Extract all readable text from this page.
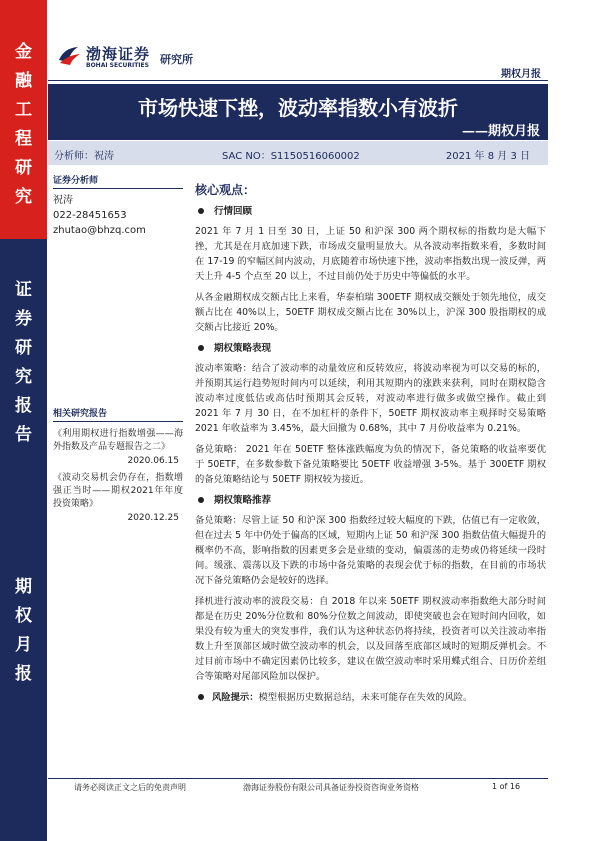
金
融
工
程
研
究
证
券
研
究
报
告
期
权
月
报
渤海证券
BOHAI SECURITIES 研究所
期权月报
市场快速下挫，波动率指数小有波折
——期权月报
分析师：祝涛	SAC NO：S1150516060002	2021 年 8 月 3 日
证券分析师
祝涛
022-28451653
zhutao@bhzq.com
相关研究报告
《利用期权进行指数增强——海外指数及产品专题报告之二》
2020.06.15
《波动交易机会仍存在，指数增强正当时——期权2021年年度投资策略》
2020.12.25
核心观点：
行情回顾

2021 年 7 月 1 日至 30 日，上证 50 和沪深 300 两个期权标的指数均是大幅下挫，尤其是在月底加速下跌，市场成交量明显放大。从各波动率指数来看，多数时间在 17-19 的窄幅区间内波动，月底随着市场快速下挫，波动率指数出现一波反弹，两天上升 4-5 个点至 20 以上，不过目前仍处于历史中等偏低的水平。

从各金融期权成交额占比上来看，华泰柏瑞 300ETF 期权成交额处于领先地位，成交额占比在 40%以上，50ETF 期权成交额占比在 30%以上，沪深 300 股指期权的成交额占比接近 20%。

期权策略表现

波动率策略：结合了波动率的动量效应和反转效应，将波动率视为可以交易的标的，并预期其运行趋势短时间内可以延续，利用其短期内的涨跌来获利，同时在期权隐含波动率过度低估或高估时预期其会反转，对波动率进行做多或做空操作。截止到 2021 年 7 月 30 日，在不加杠杆的条件下，50ETF 期权波动率主观择时交易策略 2021 年收益率为 3.45%，最大回撤为 0.68%，其中 7 月份收益率为 0.21%。

备兑策略： 2021 年在 50ETF 整体涨跌幅度为负的情况下，备兑策略的收益率要优于 50ETF，在多数参数下备兑策略要比 50ETF 收益增强 3-5%。基于 300ETF 期权的备兑策略结论与 50ETF 期权较为接近。

期权策略推荐

备兑策略：尽管上证 50 和沪深 300 指数经过较大幅度的下跌，估值已有一定收敛，但在过去 5 年中仍处于偏高的区域，短期内上证 50 和沪深 300 指数估值大幅提升的概率仍不高，影响指数的因素更多会是业绩的变动，偏震荡的走势或仍将延续一段时间。缓涨、震荡以及下跌的市场中备兑策略的表现会优于标的指数，在目前的市场状况下备兑策略仍会是较好的选择。

择机进行波动率的波段交易：自 2018 年以来 50ETF 期权波动率指数绝大部分时间都是在历史 20%分位数和 80%分位数之间波动，即使突破也会在短时间内回收，如果没有较为重大的突发事件，我们认为这种状态仍将持续，投资者可以关注波动率指数上升至顶部区域时做空波动率的机会，以及回落至底部区域时的短期反弹机会。不过目前市场中不确定因素仍比较多，建议在做空波动率时采用蝶式组合、日历价差组合等策略对尾部风险加以保护。

风险提示：模型根据历史数据总结，未来可能存在失效的风险。

请务必阅读正文之后的免责声明	渤海证券股份有限公司具备证券投资咨询业务资格	1 of 16
